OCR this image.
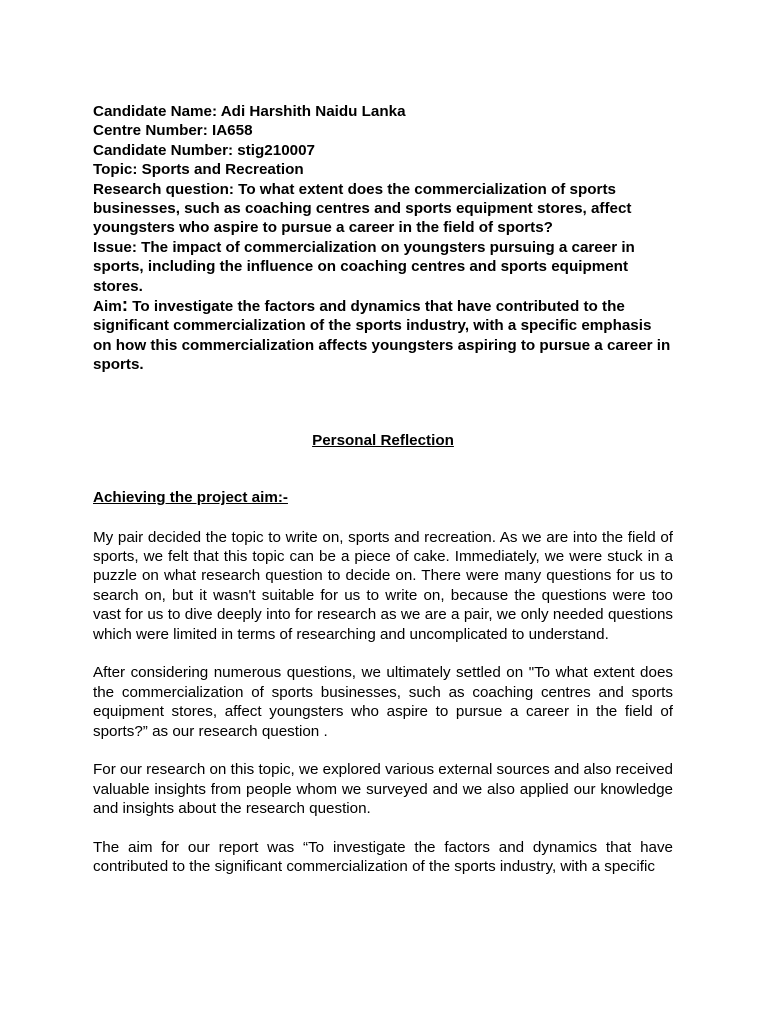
Candidate Name: Adi Harshith Naidu Lanka

Centre Number: IA658

Candidate Number: stig210007

Topic: Sports and Recreation

Research question: To what extent does the commercialization of sports businesses, such as coaching centres and sports equipment stores, affect youngsters who aspire to pursue a career in the field of sports?

Issue: The impact of commercialization on youngsters pursuing a career in sports, including the influence on coaching centres and sports equipment stores.

Aim: To investigate the factors and dynamics that have contributed to the significant commercialization of the sports industry, with a specific emphasis on how this commercialization affects youngsters aspiring to pursue a career in sports.

Personal Reflection

Achieving the project aim:-

My pair decided the topic to write on, sports and recreation. As we are into the field of sports, we felt that this topic can be a piece of cake. Immediately, we were stuck in a puzzle on what research question to decide on. There were many questions for us to search on, but it wasn't suitable for us to write on, because the questions were too vast for us to dive deeply into for research as we are a pair, we only needed questions which were limited in terms of researching and uncomplicated to understand.

After considering numerous questions, we ultimately settled on "To what extent does the commercialization of sports businesses, such as coaching centres and sports equipment stores, affect youngsters who aspire to pursue a career in the field of sports?” as our research question .

For our research on this topic, we explored various external sources and also received valuable insights from people whom we surveyed and we also applied our knowledge and insights about the research question.

The aim for our report was “To investigate the factors and dynamics that have contributed to the significant commercialization of the sports industry, with a specific
